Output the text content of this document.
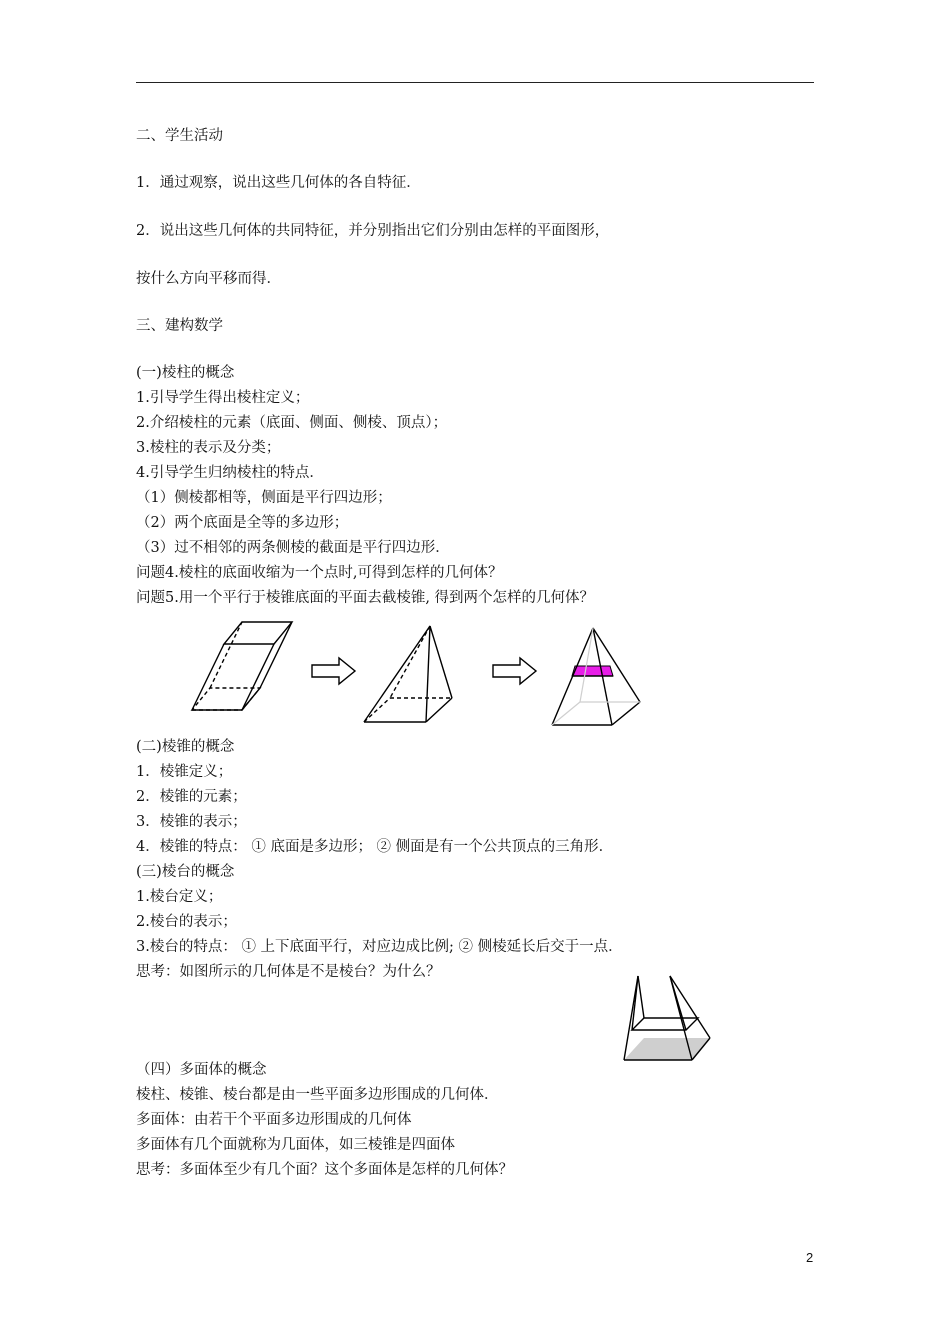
二、学生活动
1．通过观察，说出这些几何体的各自特征．
2．说出这些几何体的共同特征，并分别指出它们分别由怎样的平面图形，
按什么方向平移而得．
三、建构数学
(一)棱柱的概念
1.引导学生得出棱柱定义；
2.介绍棱柱的元素（底面、侧面、侧棱、顶点）；
3.棱柱的表示及分类；
4.引导学生归纳棱柱的特点．
（1）侧棱都相等，侧面是平行四边形；
（2）两个底面是全等的多边形；
（3）过不相邻的两条侧棱的截面是平行四边形．
问题4.棱柱的底面收缩为一个点时,可得到怎样的几何体？
问题5.用一个平行于棱锥底面的平面去截棱锥, 得到两个怎样的几何体？
(二)棱锥的概念
1．棱锥定义；
2．棱锥的元素；
3．棱锥的表示；
4．棱锥的特点： ① 底面是多边形； ② 侧面是有一个公共顶点的三角形．
(三)棱台的概念
1.棱台定义；
2.棱台的表示；
3.棱台的特点： ① 上下底面平行，对应边成比例; ② 侧棱延长后交于一点．
思考：如图所示的几何体是不是棱台？为什么？
（四）多面体的概念
棱柱、棱锥、棱台都是由一些平面多边形围成的几何体．
多面体：由若干个平面多边形围成的几何体
多面体有几个面就称为几面体，如三棱锥是四面体
思考：多面体至少有几个面？这个多面体是怎样的几何体？
2
